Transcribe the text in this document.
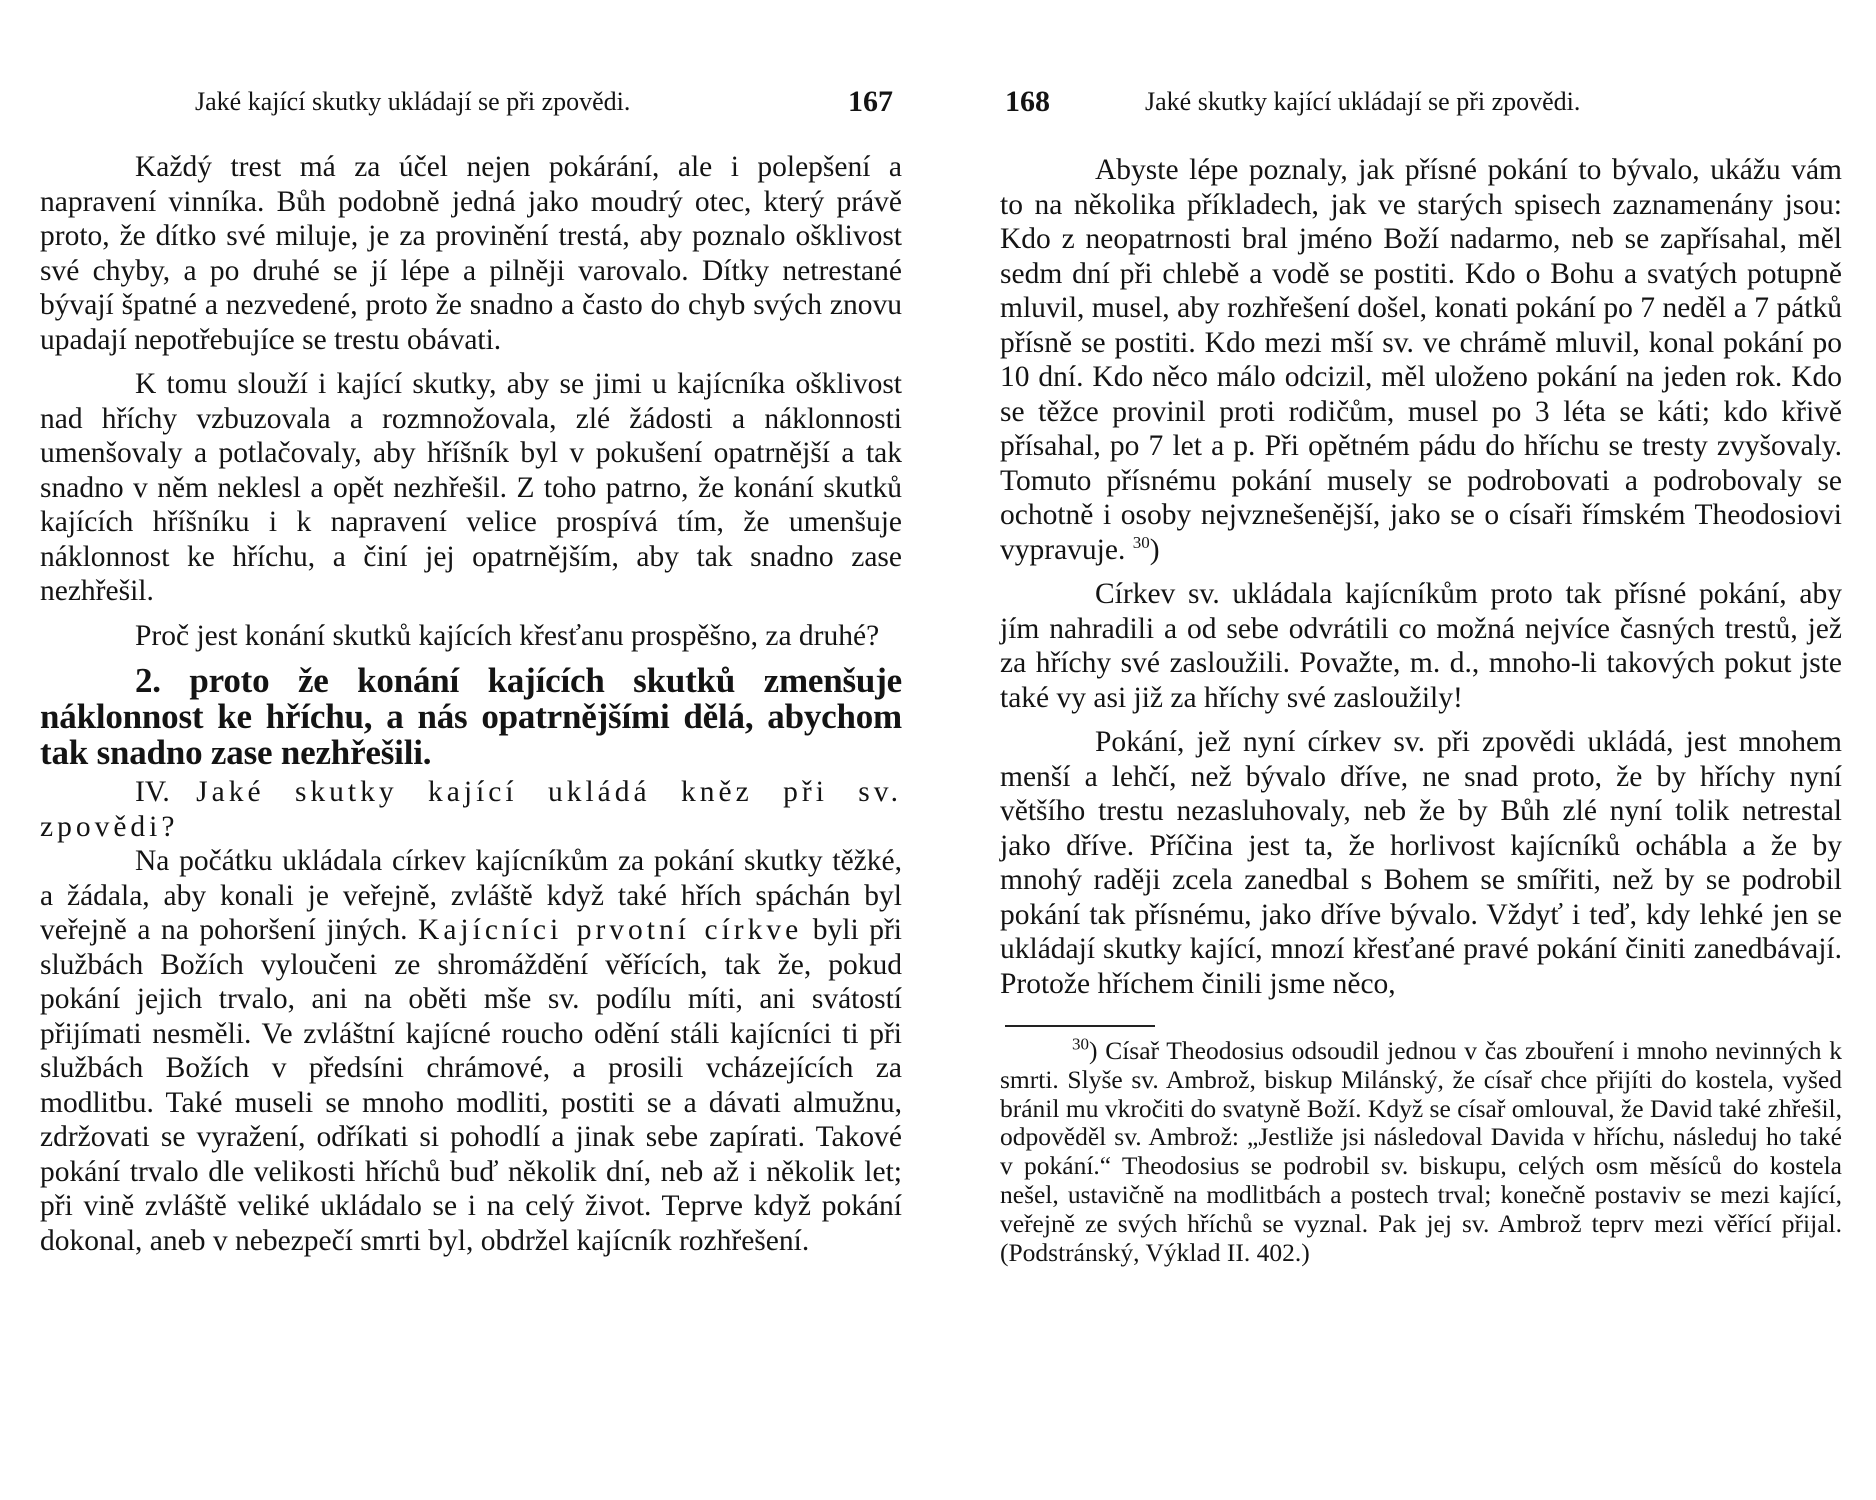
Jaké kající skutky ukládají se při zpovědi.	167

Každý trest má za účel nejen pokárání, ale i polepšení a napravení vinníka. Bůh podobně jedná jako moudrý otec, který právě proto, že dítko své miluje, je za provinění trestá, aby poznalo ošklivost své chyby, a po druhé se jí lépe a pilněji varovalo. Dítky netrestané bývají špatné a nezvedené, proto že snadno a často do chyb svých znovu upadají nepotřebujíce se trestu obávati.

K tomu slouží i kající skutky, aby se jimi u kajícníka ošklivost nad hříchy vzbuzovala a rozmnožovala, zlé žádosti a náklonnosti umenšovaly a potlačovaly, aby hříšník byl v pokušení opatrnější a tak snadno v něm neklesl a opět nezhřešil. Z toho patrno, že konání skutků kajících hříšníku i k napravení velice prospívá tím, že umenšuje náklonnost ke hříchu, a činí jej opatrnějším, aby tak snadno zase nezhřešil.

Proč jest konání skutků kajících křesťanu prospěšno, za druhé?

2. proto že konání kajících skutků zmenšuje náklonnost ke hříchu, a nás opatrnějšími dělá, abychom tak snadno zase nezhřešili.

IV. Jaké skutky kající ukládá kněz při sv. zpovědi?

Na počátku ukládala církev kajícníkům za pokání skutky těžké, a žádala, aby konali je veřejně, zvláště když také hřích spáchán byl veřejně a na pohoršení jiných. Kajícníci prvotní církve byli při službách Božích vyloučeni ze shromáždění věřících, tak že, pokud pokání jejich trvalo, ani na oběti mše sv. podílu míti, ani svátostí přijímati nesměli. Ve zvláštní kajícné roucho odění stáli kajícníci ti při službách Božích v předsíni chrámové, a prosili vcházejících za modlitbu. Také museli se mnoho modliti, postiti se a dávati almužnu, zdržovati se vyražení, odříkati si pohodlí a jinak sebe zapírati. Takové pokání trvalo dle velikosti hříchů buď několik dní, neb až i několik let; při vině zvláště veliké ukládalo se i na celý život. Teprve když pokání dokonal, aneb v nebezpečí smrti byl, obdržel kajícník rozhřešení.

168	Jaké skutky kající ukládají se při zpovědi.

Abyste lépe poznaly, jak přísné pokání to bývalo, ukážu vám to na několika příkladech, jak ve starých spisech zaznamenány jsou: Kdo z neopatrnosti bral jméno Boží nadarmo, neb se zapřísahal, měl sedm dní při chlebě a vodě se postiti. Kdo o Bohu a svatých potupně mluvil, musel, aby rozhřešení došel, konati pokání po 7 neděl a 7 pátků přísně se postiti. Kdo mezi mší sv. ve chrámě mluvil, konal pokání po 10 dní. Kdo něco málo odcizil, měl uloženo pokání na jeden rok. Kdo se těžce provinil proti rodičům, musel po 3 léta se káti; kdo křivě přísahal, po 7 let a p. Při opětném pádu do hříchu se tresty zvyšovaly. Tomuto přísnému pokání musely se podrobovati a podrobovaly se ochotně i osoby nejvznešenější, jako se o císaři římském Theodosiovi vypravuje. $^{30}$)

Církev sv. ukládala kajícníkům proto tak přísné pokání, aby jím nahradili a od sebe odvrátili co možná nejvíce časných trestů, jež za hříchy své zasloužili. Považte, m. d., mnoho-li takových pokut jste také vy asi již za hříchy své zasloužily!

Pokání, jež nyní církev sv. při zpovědi ukládá, jest mnohem menší a lehčí, než bývalo dříve, ne snad proto, že by hříchy nyní většího trestu nezasluhovaly, neb že by Bůh zlé nyní tolik netrestal jako dříve. Příčina jest ta, že horlivost kajícníků ochábla a že by mnohý raději zcela zanedbal s Bohem se smířiti, než by se podrobil pokání tak přísnému, jako dříve bývalo. Vždyť i teď, kdy lehké jen se ukládají skutky kající, mnozí křesťané pravé pokání činiti zanedbávají. Protože hříchem činili jsme něco,

$^{30}$) Císař Theodosius odsoudil jednou v čas zbouření i mnoho nevinných k smrti. Slyše sv. Ambrož, biskup Milánský, že císař chce přijíti do kostela, vyšed bránil mu vkročiti do svatyně Boží. Když se císař omlouval, že David také zhřešil, odpověděl sv. Ambrož: „Jestliže jsi následoval Davida v hříchu, následuj ho také v pokání.“ Theodosius se podrobil sv. biskupu, celých osm měsíců do kostela nešel, ustavičně na modlitbách a postech trval; konečně postaviv se mezi kající, veřejně ze svých hříchů se vyznal. Pak jej sv. Ambrož teprv mezi věřící přijal. (Podstránský, Výklad II. 402.)
